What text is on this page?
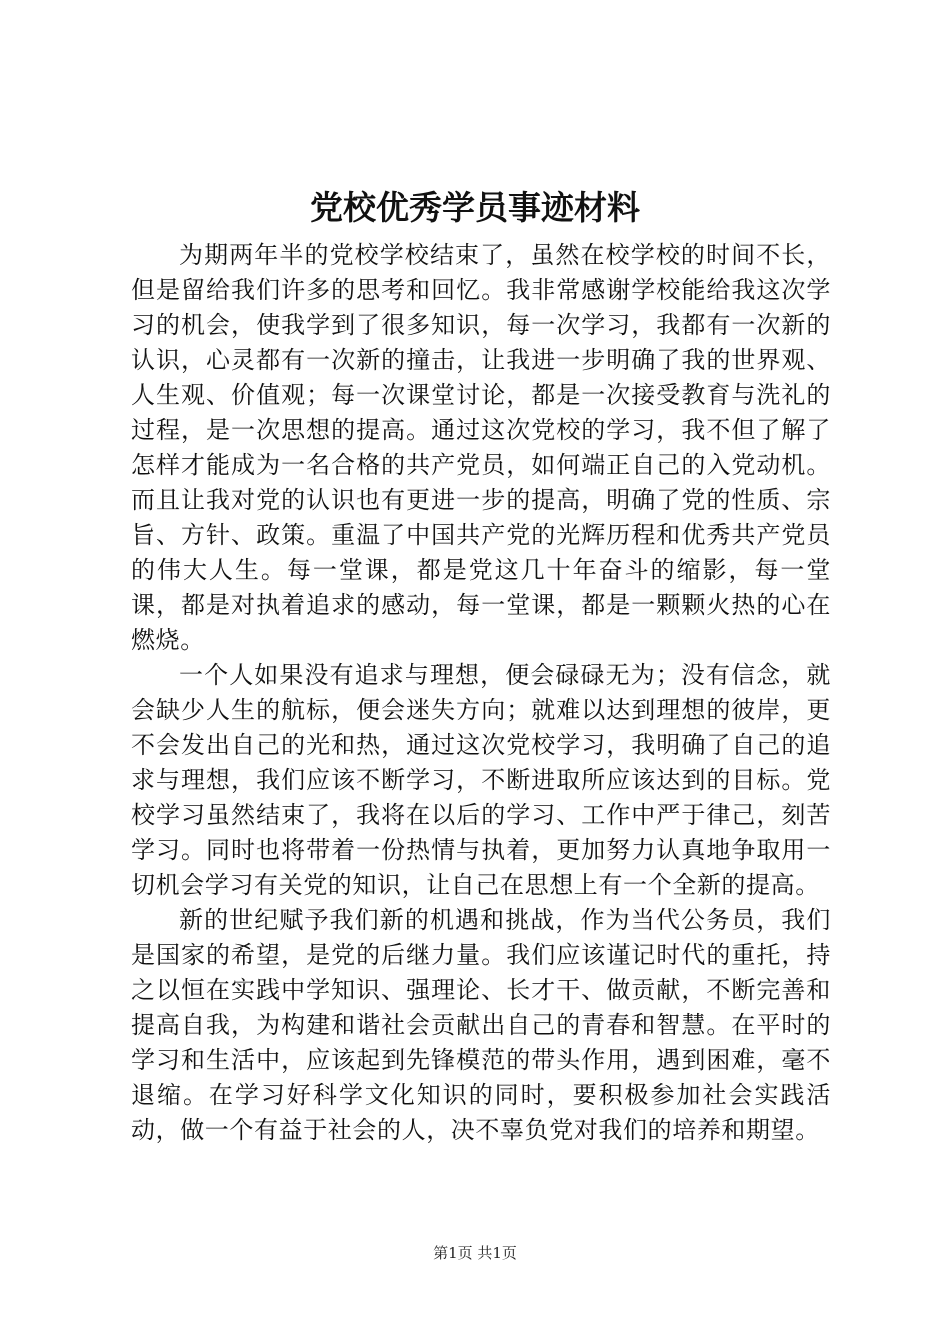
党校优秀学员事迹材料

为期两年半的党校学校结束了，虽然在校学校的时间不长，但是留给我们许多的思考和回忆。我非常感谢学校能给我这次学习的机会，使我学到了很多知识，每一次学习，我都有一次新的认识，心灵都有一次新的撞击，让我进一步明确了我的世界观、人生观、价值观；每一次课堂讨论，都是一次接受教育与洗礼的过程，是一次思想的提高。通过这次党校的学习，我不但了解了怎样才能成为一名合格的共产党员，如何端正自己的入党动机。而且让我对党的认识也有更进一步的提高，明确了党的性质、宗旨、方针、政策。重温了中国共产党的光辉历程和优秀共产党员的伟大人生。每一堂课，都是党这几十年奋斗的缩影，每一堂课，都是对执着追求的感动，每一堂课，都是一颗颗火热的心在燃烧。

一个人如果没有追求与理想，便会碌碌无为；没有信念，就会缺少人生的航标，便会迷失方向；就难以达到理想的彼岸，更不会发出自己的光和热，通过这次党校学习，我明确了自己的追求与理想，我们应该不断学习，不断进取所应该达到的目标。党校学习虽然结束了，我将在以后的学习、工作中严于律己，刻苦学习。同时也将带着一份热情与执着，更加努力认真地争取用一切机会学习有关党的知识，让自己在思想上有一个全新的提高。

新的世纪赋予我们新的机遇和挑战，作为当代公务员，我们是国家的希望，是党的后继力量。我们应该谨记时代的重托，持之以恒在实践中学知识、强理论、长才干、做贡献，不断完善和提高自我，为构建和谐社会贡献出自己的青春和智慧。在平时的学习和生活中，应该起到先锋模范的带头作用，遇到困难，毫不退缩。在学习好科学文化知识的同时，要积极参加社会实践活动，做一个有益于社会的人，决不辜负党对我们的培养和期望。

第1页 共1页
